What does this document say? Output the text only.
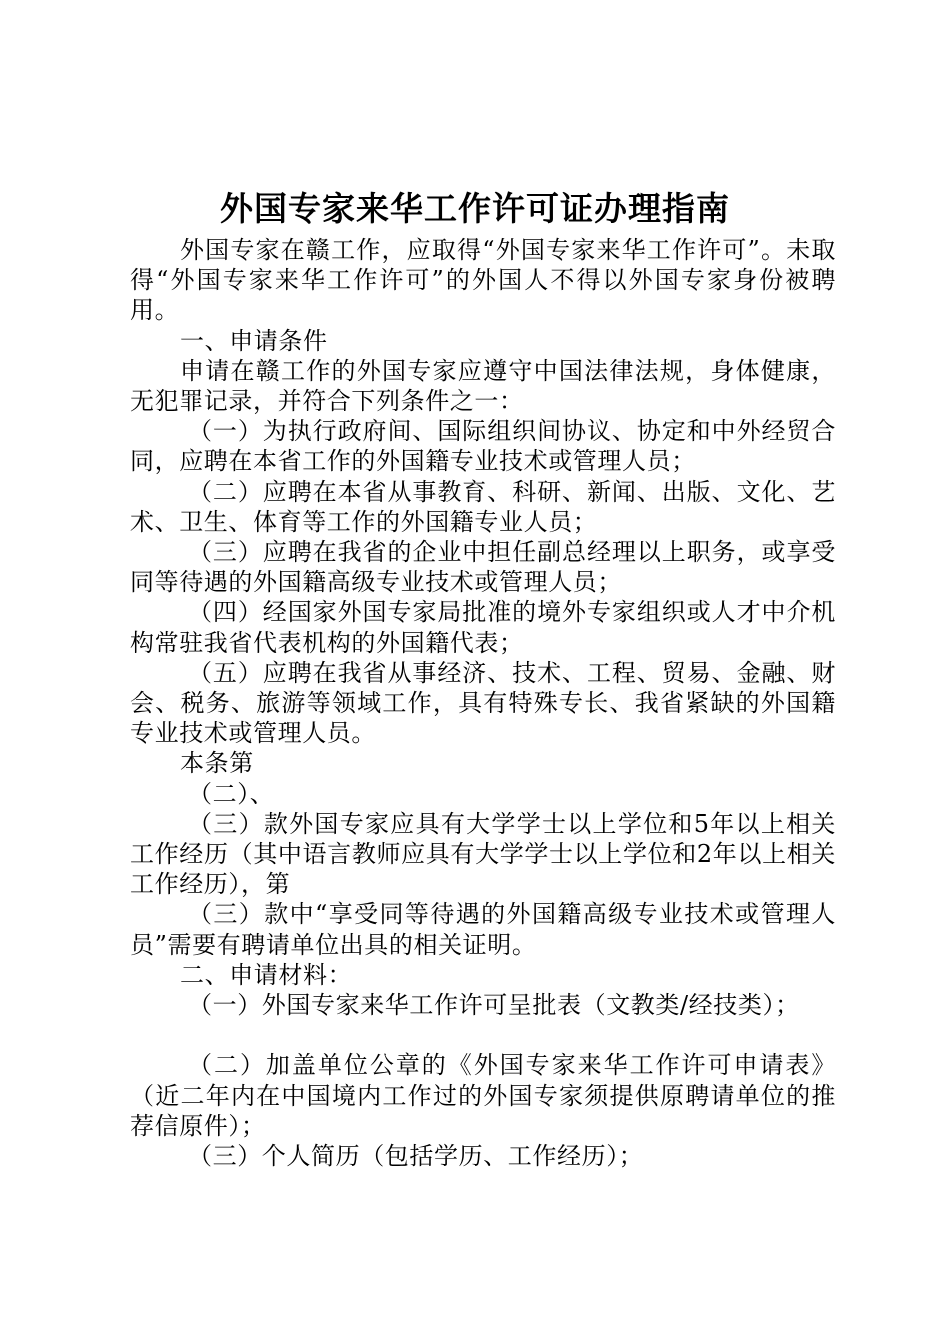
外国专家来华工作许可证办理指南

外国专家在赣工作，应取得“外国专家来华工作许可”。未取得“外国专家来华工作许可”的外国人不得以外国专家身份被聘用。

一、申请条件

申请在赣工作的外国专家应遵守中国法律法规，身体健康，无犯罪记录，并符合下列条件之一：

（一）为执行政府间、国际组织间协议、协定和中外经贸合同，应聘在本省工作的外国籍专业技术或管理人员；

（二）应聘在本省从事教育、科研、新闻、出版、文化、艺术、卫生、体育等工作的外国籍专业人员；

（三）应聘在我省的企业中担任副总经理以上职务，或享受同等待遇的外国籍高级专业技术或管理人员；

（四）经国家外国专家局批准的境外专家组织或人才中介机构常驻我省代表机构的外国籍代表；

（五）应聘在我省从事经济、技术、工程、贸易、金融、财会、税务、旅游等领域工作，具有特殊专长、我省紧缺的外国籍专业技术或管理人员。

本条第

（二）、

（三）款外国专家应具有大学学士以上学位和5年以上相关工作经历（其中语言教师应具有大学学士以上学位和2年以上相关工作经历），第

（三）款中“享受同等待遇的外国籍高级专业技术或管理人员”需要有聘请单位出具的相关证明。

二、申请材料：

（一）外国专家来华工作许可呈批表（文教类/经技类）；

（二）加盖单位公章的《外国专家来华工作许可申请表》（近二年内在中国境内工作过的外国专家须提供原聘请单位的推荐信原件）；

（三）个人简历（包括学历、工作经历）；
